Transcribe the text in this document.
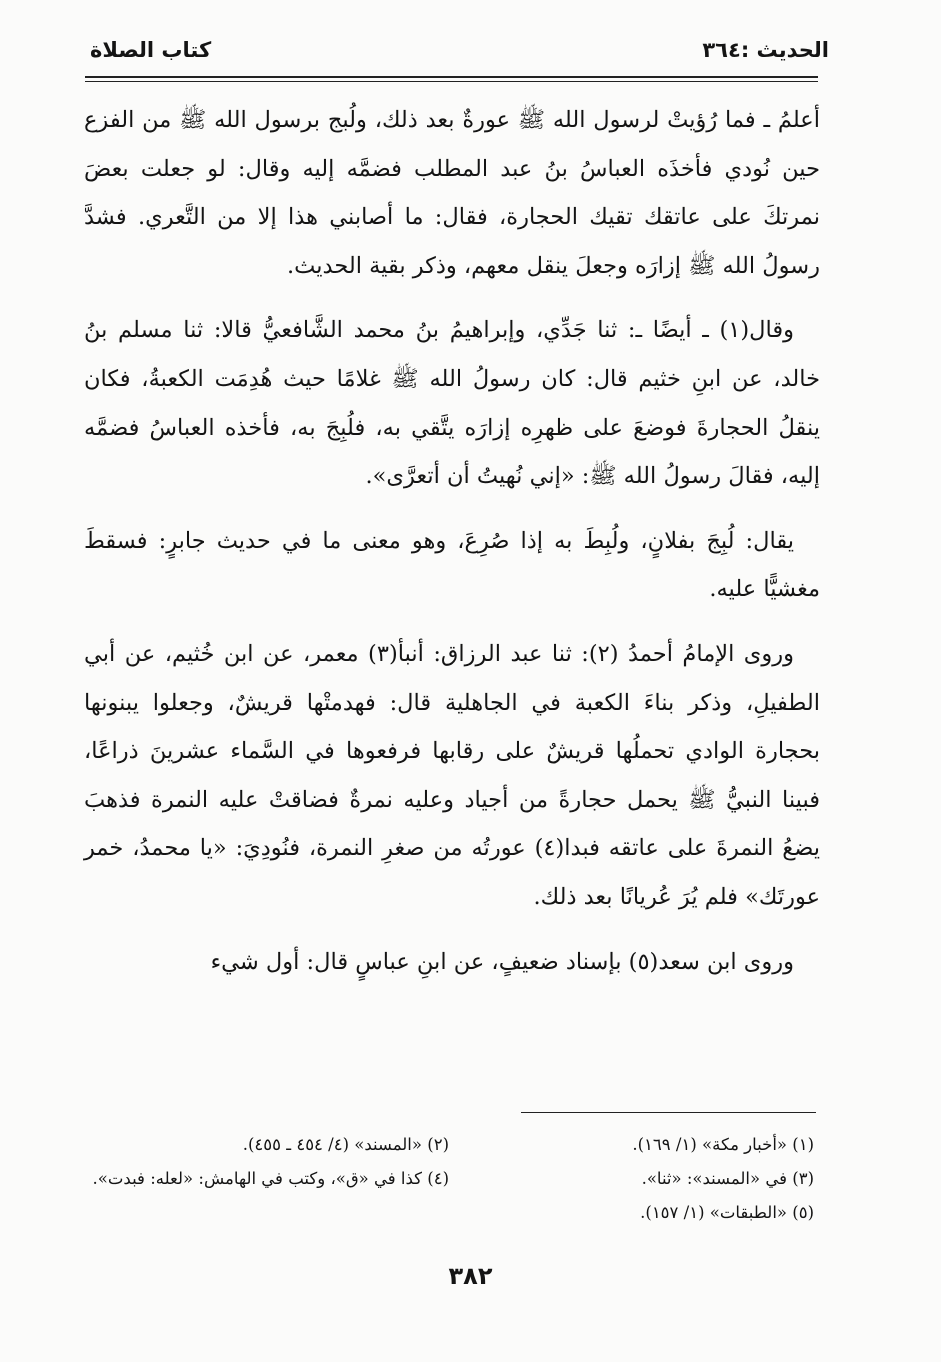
الحديث :٣٦٤
كتاب الصلاة

أعلمُ ـ فما رُؤيتْ لرسول الله ﷺ عورةٌ بعد ذلك، ولُبج برسول الله ﷺ من الفزع حين نُودي فأخذَه العباسُ بنُ عبد المطلب فضمَّه إليه وقال: لو جعلت بعضَ نمرتكَ على عاتقك تقيك الحجارة، فقال: ما أصابني هذا إلا من التَّعري. فشدَّ رسولُ الله ﷺ إزارَه وجعلَ ينقل معهم، وذكر بقية الحديث.

وقال(١) ـ أيضًا ـ: ثنا جَدِّي، وإبراهيمُ بنُ محمد الشَّافعيُّ قالا: ثنا مسلم بنُ خالد، عن ابنِ خثيم قال: كان رسولُ الله ﷺ غلامًا حيث هُدِمَت الكعبةُ، فكان ينقلُ الحجارةَ فوضعَ على ظهرِه إزارَه يتَّقي به، فلُبِجَ به، فأخذه العباسُ فضمَّه إليه، فقالَ رسولُ الله ﷺ: «إني نُهيتُ أن أتعرَّى».

يقال: لُبِجَ بفلانٍ، ولُبِطَ به إذا صُرِعَ، وهو معنى ما في حديث جابرٍ: فسقطَ مغشيًّا عليه.

وروى الإمامُ أحمدُ (٢): ثنا عبد الرزاق: أنبأ(٣) معمر، عن ابن خُثيم، عن أبي الطفيلِ، وذكر بناءَ الكعبة في الجاهلية قال: فهدمتْها قريشٌ، وجعلوا يبنونها بحجارة الوادي تحملُها قريشٌ على رقابها فرفعوها في السَّماء عشرينَ ذراعًا، فبينا النبيُّ ﷺ يحمل حجارةً من أجياد وعليه نمرةٌ فضاقتْ عليه النمرة فذهبَ يضعُ النمرةَ على عاتقه فبدا(٤) عورتُه من صغرِ النمرة، فنُودِيَ: «يا محمدُ، خمر عورتَك» فلم يُرَ عُريانًا بعد ذلك.

وروى ابن سعد(٥) بإسناد ضعيفٍ، عن ابنِ عباسٍ قال: أول شيء

(١) «أخبار مكة» (١/ ١٦٩).
(٢) «المسند» (٤/ ٤٥٤ ـ ٤٥٥).
(٣) في «المسند»: «ثنا».
(٤) كذا في «ق»، وكتب في الهامش: «لعله: فبدت».
(٥) «الطبقات» (١/ ١٥٧).
٣٨٢
